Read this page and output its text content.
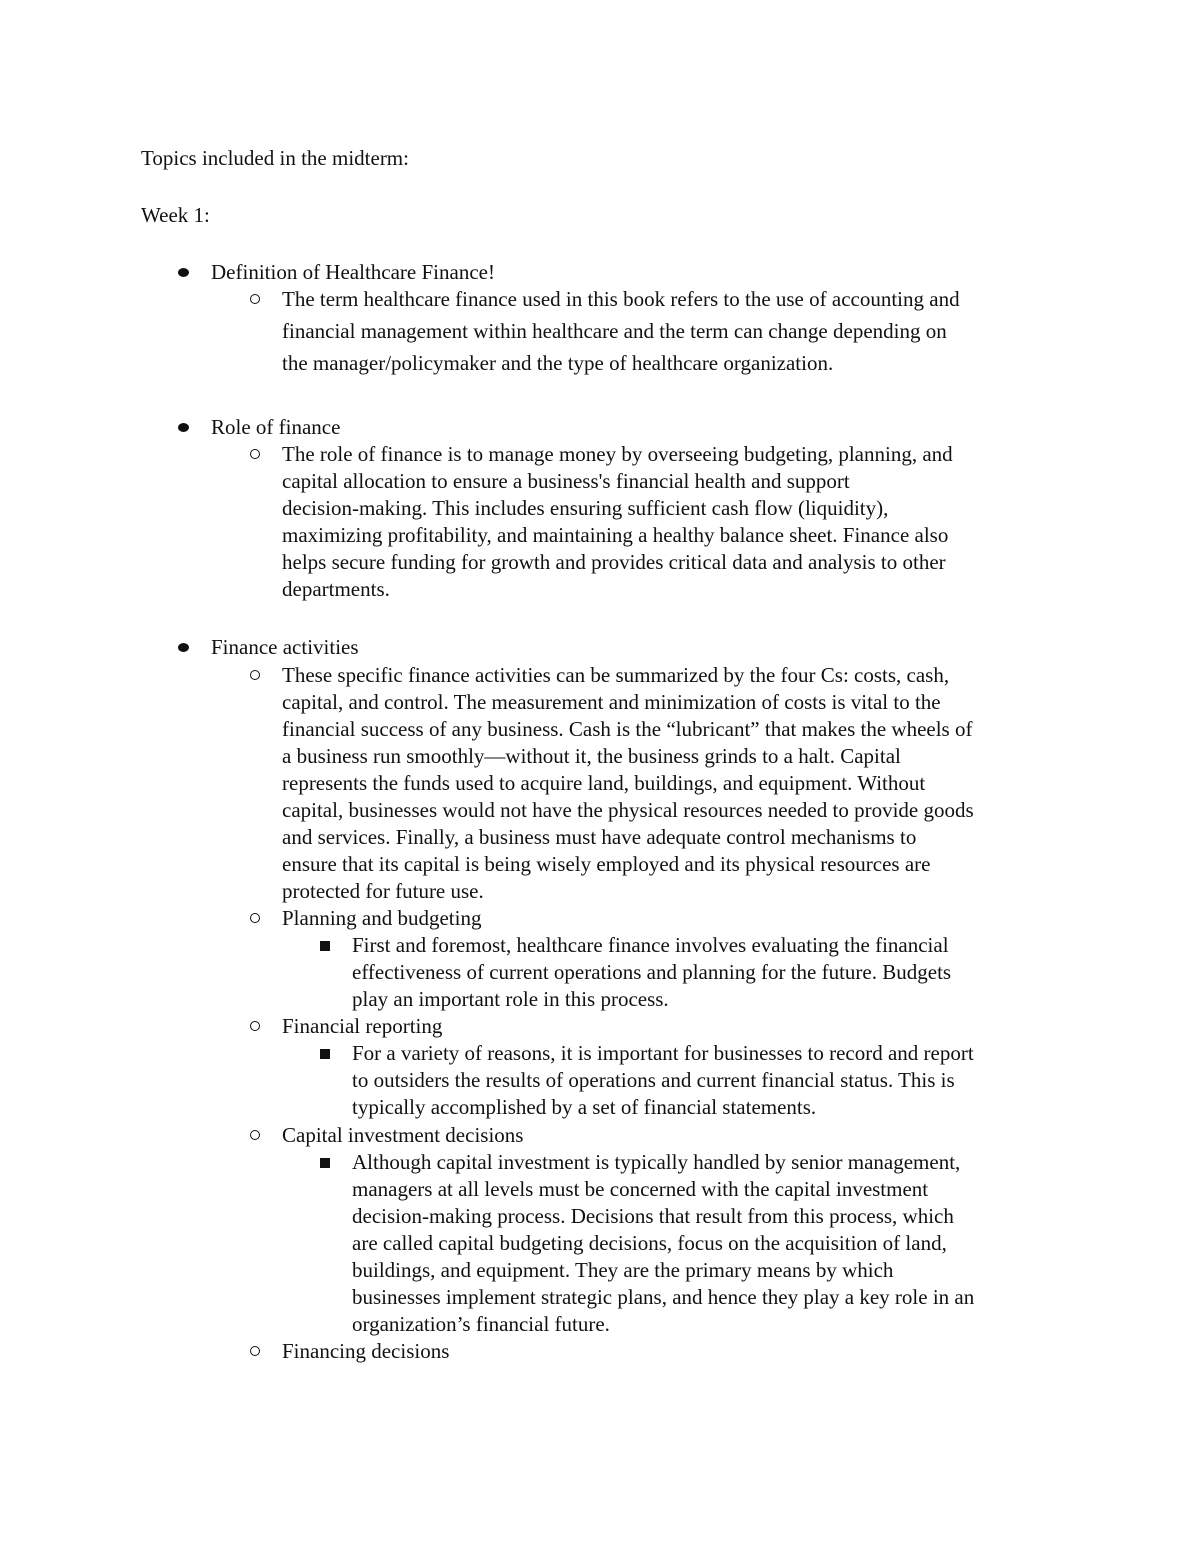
Topics included in the midterm:
Week 1:
Definition of Healthcare Finance!
The term healthcare finance used in this book refers to the use of accounting and
financial management within healthcare and the term can change depending on
the manager/policymaker and the type of healthcare organization.
Role of finance
The role of finance is to manage money by overseeing budgeting, planning, and
capital allocation to ensure a business's financial health and support
decision-making. This includes ensuring sufficient cash flow (liquidity),
maximizing profitability, and maintaining a healthy balance sheet. Finance also
helps secure funding for growth and provides critical data and analysis to other
departments.
Finance activities
These specific finance activities can be summarized by the four Cs: costs, cash,
capital, and control. The measurement and minimization of costs is vital to the
financial success of any business. Cash is the “lubricant” that makes the wheels of
a business run smoothly—without it, the business grinds to a halt. Capital
represents the funds used to acquire land, buildings, and equipment. Without
capital, businesses would not have the physical resources needed to provide goods
and services. Finally, a business must have adequate control mechanisms to
ensure that its capital is being wisely employed and its physical resources are
protected for future use.
Planning and budgeting
First and foremost, healthcare finance involves evaluating the financial
effectiveness of current operations and planning for the future. Budgets
play an important role in this process.
Financial reporting
For a variety of reasons, it is important for businesses to record and report
to outsiders the results of operations and current financial status. This is
typically accomplished by a set of financial statements.
Capital investment decisions
Although capital investment is typically handled by senior management,
managers at all levels must be concerned with the capital investment
decision-making process. Decisions that result from this process, which
are called capital budgeting decisions, focus on the acquisition of land,
buildings, and equipment. They are the primary means by which
businesses implement strategic plans, and hence they play a key role in an
organization’s financial future.
Financing decisions
